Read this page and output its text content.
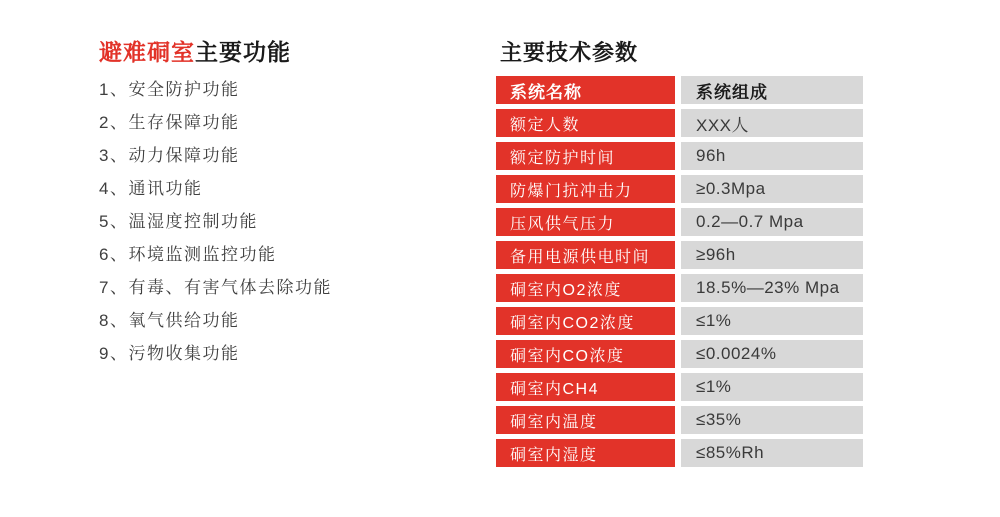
避难硐室主要功能
1、安全防护功能
2、生存保障功能
3、动力保障功能
4、通讯功能
5、温湿度控制功能
6、环境监测监控功能
7、有毒、有害气体去除功能
8、氧气供给功能
9、污物收集功能
主要技术参数
系统名称	系统组成
额定人数	XXX人
额定防护时间	96h
防爆门抗冲击力	≥0.3Mpa
压风供气压力	0.2—0.7 Mpa
备用电源供电时间	≥96h
硐室内O2浓度	18.5%—23% Mpa
硐室内CO2浓度	≤1%
硐室内CO浓度	≤0.0024%
硐室内CH4	≤1%
硐室内温度	≤35%
硐室内湿度	≤85%Rh
